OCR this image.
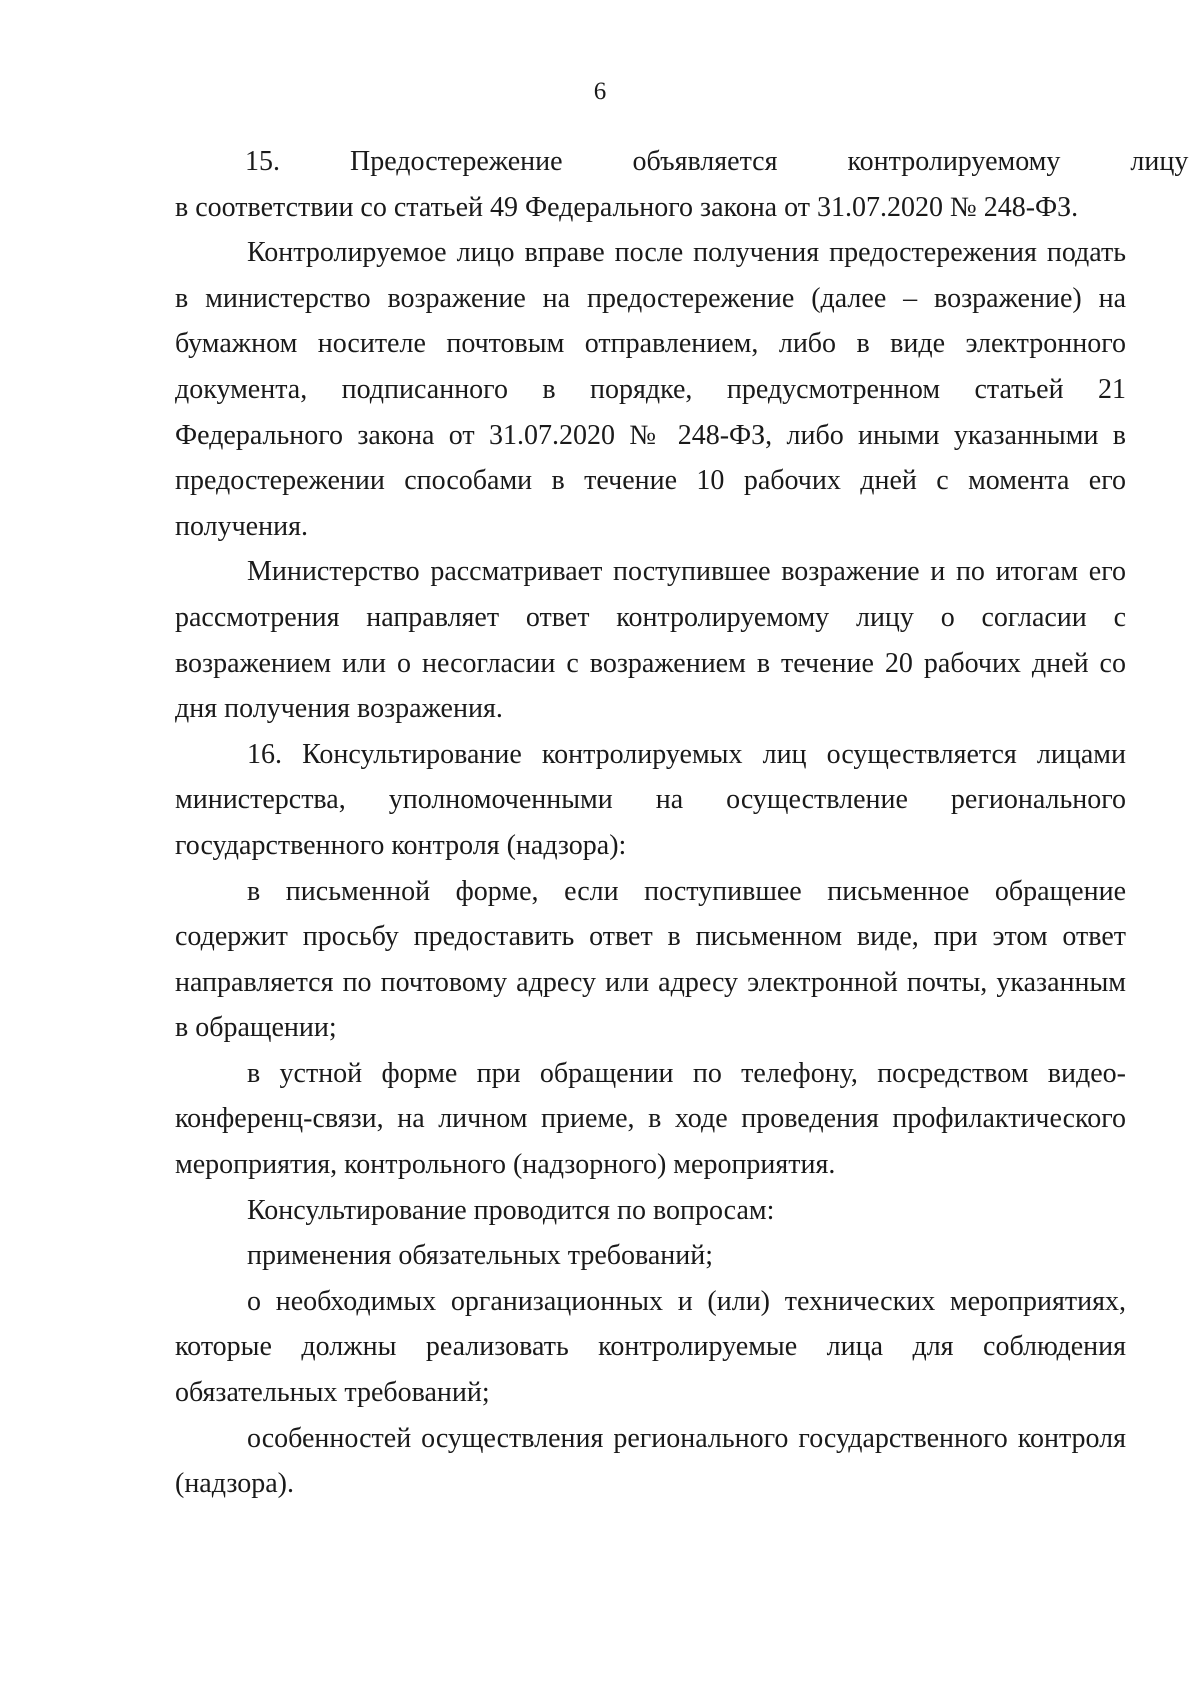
6

15.	Предостережение	объявляется	контролируемому	лицу
в соответствии со статьей 49 Федерального закона от 31.07.2020 № 248-ФЗ.

Контролируемое лицо вправе после получения предостережения подать в министерство возражение на предостережение (далее – возражение) на бумажном носителе почтовым отправлением, либо в виде электронного документа, подписанного в порядке, предусмотренном статьей 21 Федерального закона от 31.07.2020 № 248-ФЗ, либо иными указанными в предостережении способами в течение 10 рабочих дней с момента его получения.

Министерство рассматривает поступившее возражение и по итогам его рассмотрения направляет ответ контролируемому лицу о согласии с возражением или о несогласии с возражением в течение 20 рабочих дней со дня получения возражения.

16. Консультирование контролируемых лиц осуществляется лицами министерства, уполномоченными на осуществление регионального государственного контроля (надзора):

в письменной форме, если поступившее письменное обращение содержит просьбу предоставить ответ в письменном виде, при этом ответ направляется по почтовому адресу или адресу электронной почты, указанным в обращении;

в устной форме при обращении по телефону, посредством видео-конференц-связи, на личном приеме, в ходе проведения профилактического мероприятия, контрольного (надзорного) мероприятия.

Консультирование проводится по вопросам:

применения обязательных требований;

о необходимых организационных и (или) технических мероприятиях, которые должны реализовать контролируемые лица для соблюдения обязательных требований;

особенностей осуществления регионального государственного контроля (надзора).
